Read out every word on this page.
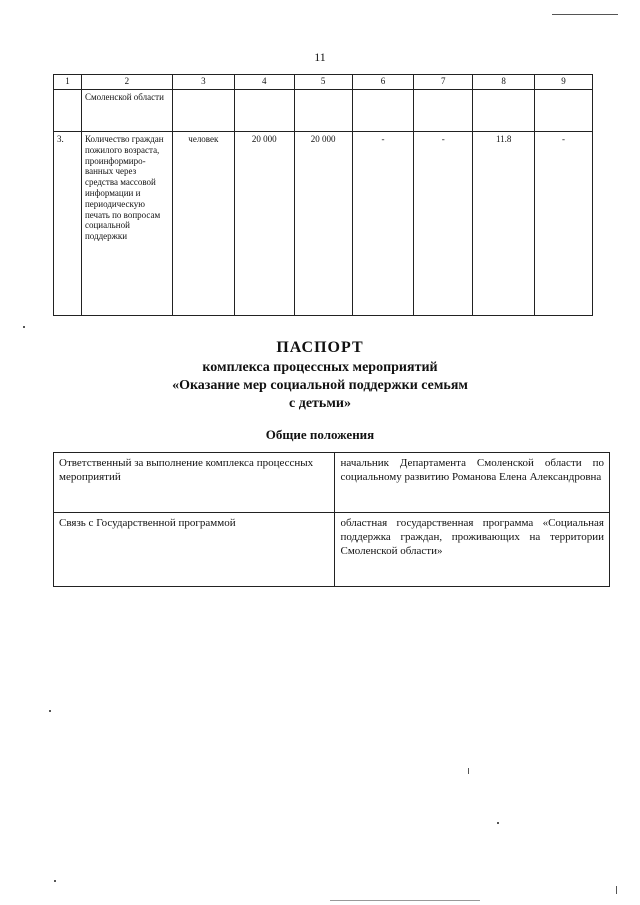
11
1	2	3	4	5	6	7	8	9
	Смоленской области							
3.	Количество граждан пожилого возраста, проинформиро-ванных через средства массовой информации и периодическую печать по вопросам социальной поддержки	человек	20 000	20 000	-	-	11.8	-
ПАСПОРТ
комплекса процессных мероприятий
«Оказание мер социальной поддержки семьям
с детьми»
Общие положения
Ответственный за выполнение комплекса процессных мероприятий	начальник Департамента Смоленской области по социальному развитию Романова Елена Александровна
Связь с Государственной программой	областная государственная программа «Социальная поддержка граждан, проживающих на территории Смоленской области»
